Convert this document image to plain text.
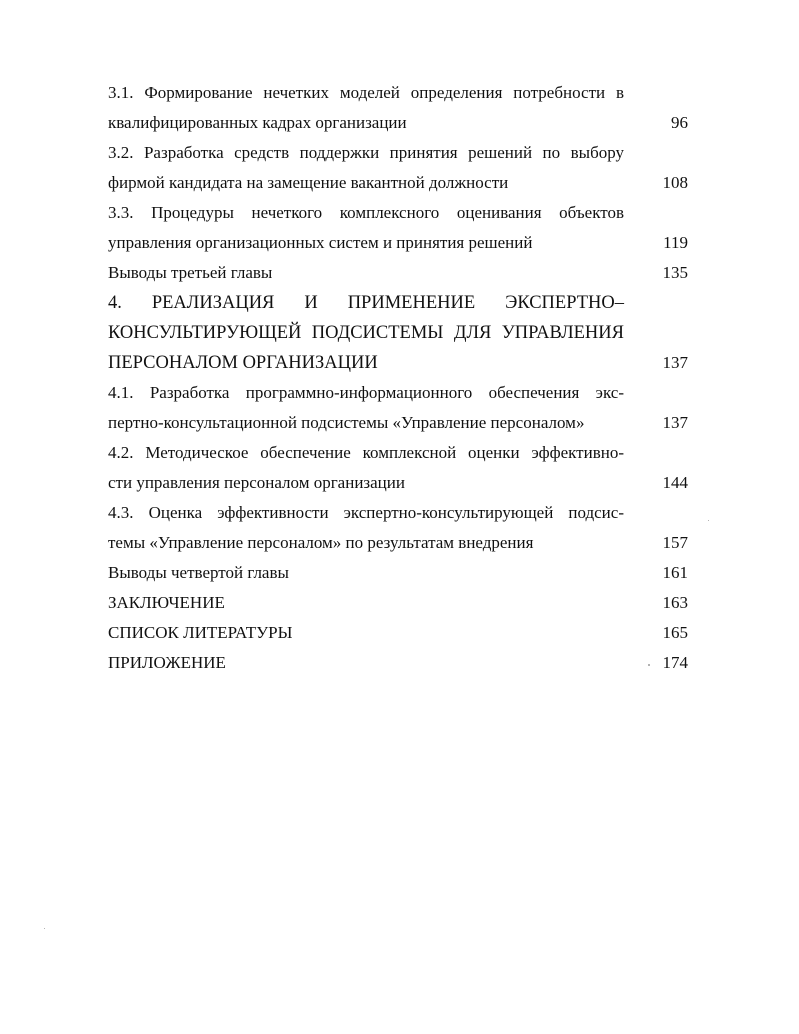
3.1. Формирование нечетких моделей определения потребности в
квалифицированных кадрах организации	96
3.2. Разработка средств поддержки принятия решений по выбору
фирмой кандидата на замещение вакантной должности	108
3.3. Процедуры нечеткого комплексного оценивания объектов
управления организационных систем и принятия решений	119
Выводы третьей главы	135
4. РЕАЛИЗАЦИЯ И ПРИМЕНЕНИЕ ЭКСПЕРТНО–
КОНСУЛЬТИРУЮЩЕЙ ПОДСИСТЕМЫ ДЛЯ УПРАВЛЕНИЯ
ПЕРСОНАЛОМ ОРГАНИЗАЦИИ	137
4.1. Разработка программно-информационного обеспечения экс-
пертно-консультационной подсистемы «Управление персоналом»	137
4.2. Методическое обеспечение комплексной оценки эффективно-
сти управления персоналом организации	144
4.3. Оценка эффективности экспертно-консультирующей подсис-
темы «Управление персоналом» по результатам внедрения	157
Выводы четвертой главы	161
ЗАКЛЮЧЕНИЕ	163
СПИСОК ЛИТЕРАТУРЫ	165
ПРИЛОЖЕНИЕ	174
